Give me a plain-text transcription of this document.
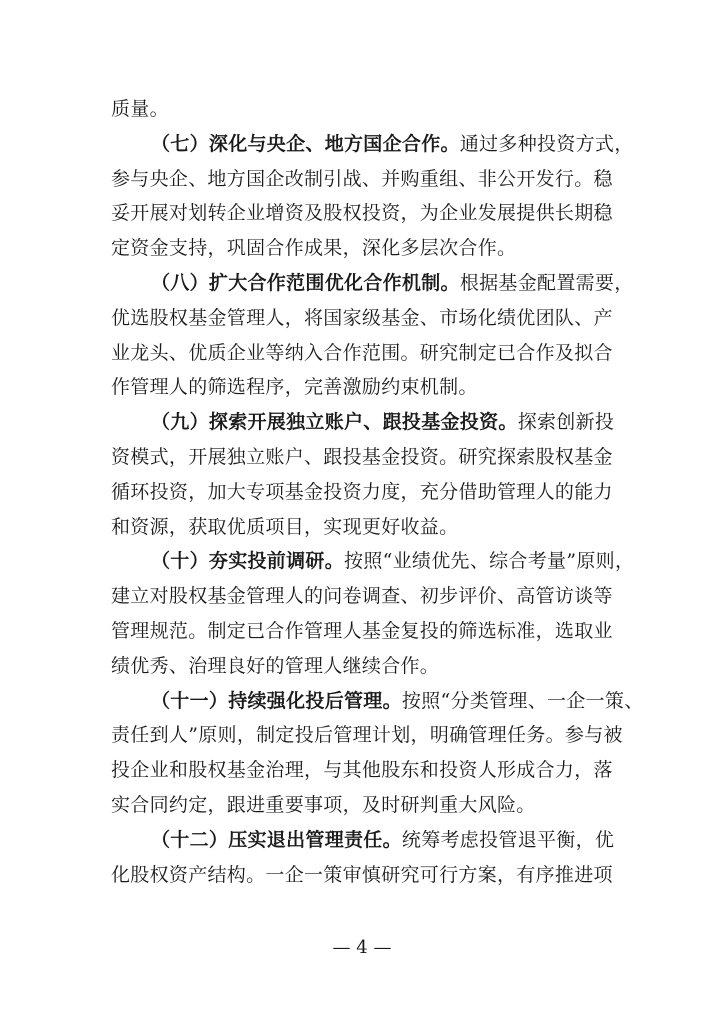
质量。
（七）深化与央企、地方国企合作。通过多种投资方式，
参与央企、地方国企改制引战、并购重组、非公开发行。稳
妥开展对划转企业增资及股权投资，为企业发展提供长期稳
定资金支持，巩固合作成果，深化多层次合作。
（八）扩大合作范围优化合作机制。根据基金配置需要，
优选股权基金管理人，将国家级基金、市场化绩优团队、产
业龙头、优质企业等纳入合作范围。研究制定已合作及拟合
作管理人的筛选程序，完善激励约束机制。
（九）探索开展独立账户、跟投基金投资。探索创新投
资模式，开展独立账户、跟投基金投资。研究探索股权基金
循环投资，加大专项基金投资力度，充分借助管理人的能力
和资源，获取优质项目，实现更好收益。
（十）夯实投前调研。按照“业绩优先、综合考量”原则，
建立对股权基金管理人的问卷调查、初步评价、高管访谈等
管理规范。制定已合作管理人基金复投的筛选标准，选取业
绩优秀、治理良好的管理人继续合作。
（十一）持续强化投后管理。按照“分类管理、一企一策、
责任到人”原则，制定投后管理计划，明确管理任务。参与被
投企业和股权基金治理，与其他股东和投资人形成合力，落
实合同约定，跟进重要事项，及时研判重大风险。
（十二）压实退出管理责任。统筹考虑投管退平衡，优
化股权资产结构。一企一策审慎研究可行方案，有序推进项
— 4 —
